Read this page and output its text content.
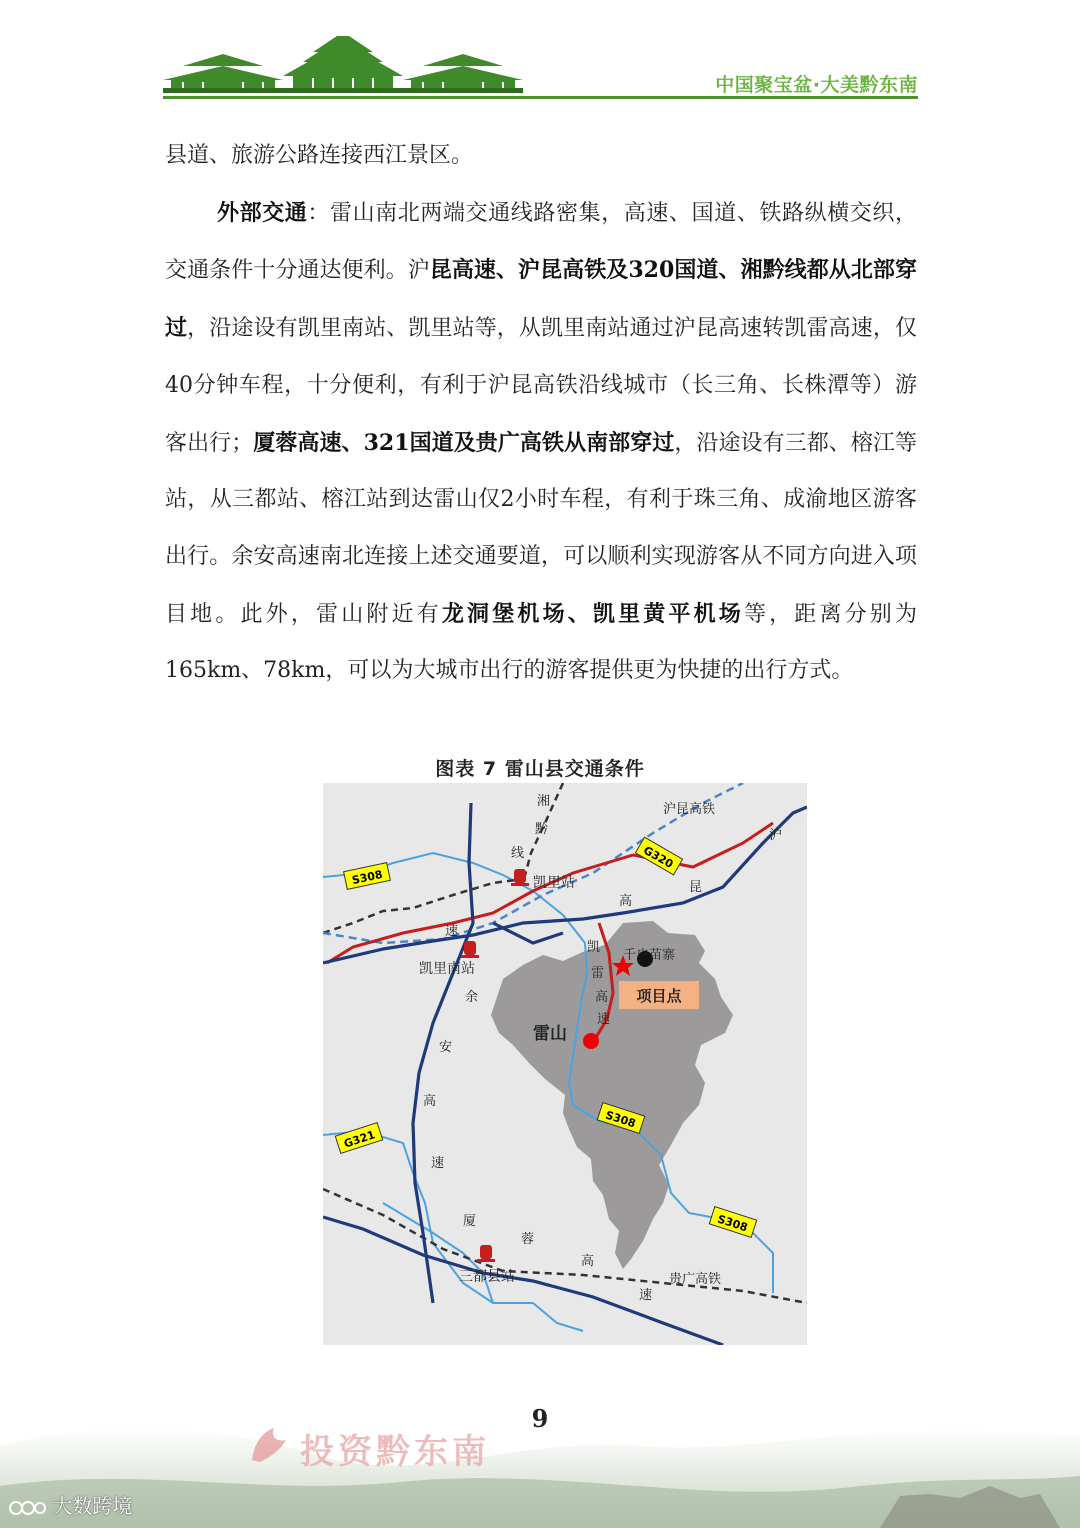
中国聚宝盆·大美黔东南

县道、旅游公路连接西江景区。

外部交通：雷山南北两端交通线路密集，高速、国道、铁路纵横交织，交通条件十分通达便利。沪昆高速、沪昆高铁及320国道、湘黔线都从北部穿过，沿途设有凯里南站、凯里站等，从凯里南站通过沪昆高速转凯雷高速，仅40分钟车程，十分便利，有利于沪昆高铁沿线城市（长三角、长株潭等）游客出行；厦蓉高速、321国道及贵广高铁从南部穿过，沿途设有三都、榕江等站，从三都站、榕江站到达雷山仅2小时车程，有利于珠三角、成渝地区游客出行。余安高速南北连接上述交通要道，可以顺利实现游客从不同方向进入项目地。此外，雷山附近有龙洞堡机场、凯里黄平机场等，距离分别为165km、78km，可以为大城市出行的游客提供更为快捷的出行方式。

图表 7 雷山县交通条件
S308
G320
S308
S308
G321
湘
黔
线
沪昆高铁
沪
昆
高
速
凯里站
凯里南站
凯
雷
高
速
千户苗寨
项目点
雷山
余
安
高
速
厦
蓉
高
速
三都县站	贵广高铁
投资黔东南
9
大数跨境
